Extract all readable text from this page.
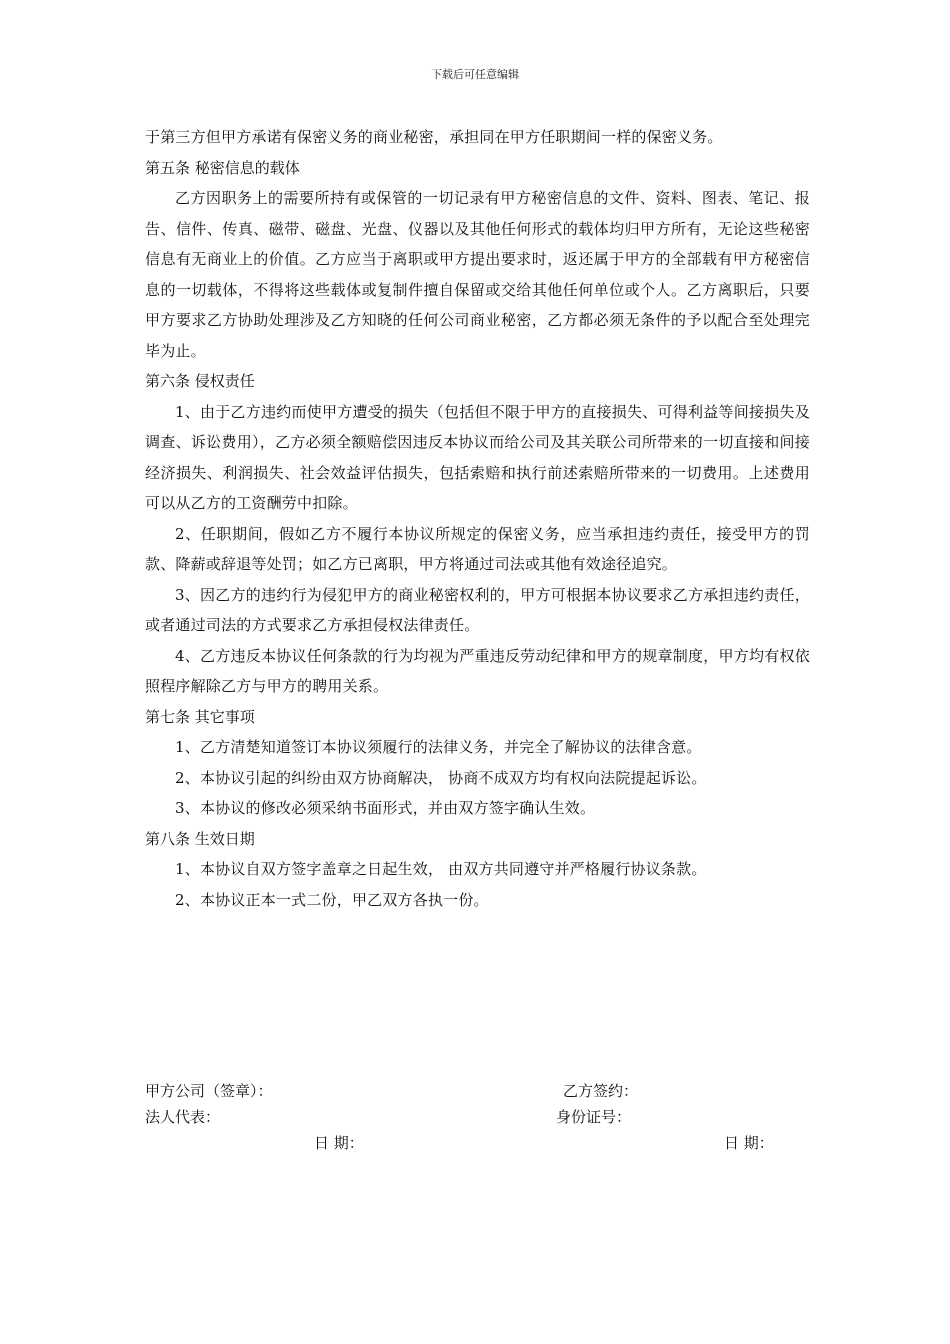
下载后可任意编辑

于第三方但甲方承诺有保密义务的商业秘密，承担同在甲方任职期间一样的保密义务。

第五条 秘密信息的载体

乙方因职务上的需要所持有或保管的一切记录有甲方秘密信息的文件、资料、图表、笔记、报告、信件、传真、磁带、磁盘、光盘、仪器以及其他任何形式的载体均归甲方所有，无论这些秘密信息有无商业上的价值。乙方应当于离职或甲方提出要求时，返还属于甲方的全部载有甲方秘密信息的一切载体，不得将这些载体或复制件擅自保留或交给其他任何单位或个人。乙方离职后，只要甲方要求乙方协助处理涉及乙方知晓的任何公司商业秘密，乙方都必须无条件的予以配合至处理完毕为止。

第六条 侵权责任

1、由于乙方违约而使甲方遭受的损失（包括但不限于甲方的直接损失、可得利益等间接损失及调查、诉讼费用），乙方必须全额赔偿因违反本协议而给公司及其关联公司所带来的一切直接和间接经济损失、利润损失、社会效益评估损失，包括索赔和执行前述索赔所带来的一切费用。上述费用可以从乙方的工资酬劳中扣除。

2、任职期间，假如乙方不履行本协议所规定的保密义务，应当承担违约责任，接受甲方的罚款、降薪或辞退等处罚；如乙方已离职，甲方将通过司法或其他有效途径追究。

3、因乙方的违约行为侵犯甲方的商业秘密权利的，甲方可根据本协议要求乙方承担违约责任，或者通过司法的方式要求乙方承担侵权法律责任。

4、乙方违反本协议任何条款的行为均视为严重违反劳动纪律和甲方的规章制度，甲方均有权依照程序解除乙方与甲方的聘用关系。

第七条 其它事项

1、乙方清楚知道签订本协议须履行的法律义务，并完全了解协议的法律含意。

2、本协议引起的纠纷由双方协商解决， 协商不成双方均有权向法院提起诉讼。

3、本协议的修改必须采纳书面形式，并由双方签字确认生效。

第八条 生效日期

1、本协议自双方签字盖章之日起生效， 由双方共同遵守并严格履行协议条款。

2、本协议正本一式二份，甲乙双方各执一份。

甲方公司（签章）：	乙方签约：
法人代表：	身份证号：
日 期：	日 期：
